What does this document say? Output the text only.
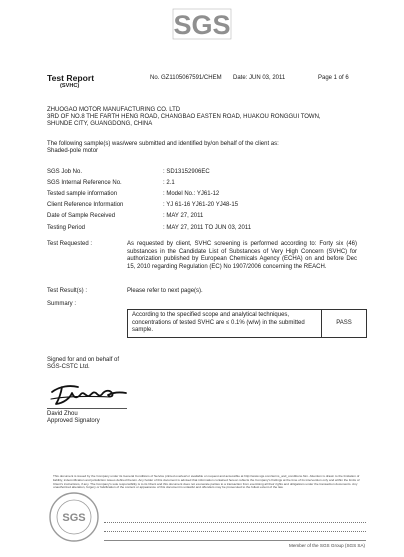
SGS
Test Report
(SVHC)
No. GZ1105067591/CHEM Date: JUN 03, 2011	Page 1 of 6
ZHUOGAO MOTOR MANUFACTURING CO. LTD
3RD OF NO.8 THE FARTH HENG ROAD, CHANGBAO EASTEN ROAD, HUAKOU RONGGUI TOWN,
SHUNDE CITY, GUANGDONG, CHINA
The following sample(s) was/were submitted and identified by/on behalf of the client as:
Shaded-pole motor
SGS Job No.	: SD13152906EC
SGS Internal Reference No.	: 2.1
Tested sample information	: Model No.: YJ61-12
Client Reference Information	: YJ 61-16 YJ61-20 YJ48-15
Date of Sample Received	: MAY 27, 2011
Testing Period	: MAY 27, 2011 TO JUN 03, 2011
Test Requested :	As requested by client, SVHC screening is performed according to: Forty six (46) substances in the Candidate List of Substances of Very High Concern (SVHC) for authorization published by European Chemicals Agency (ECHA) on and before Dec 15, 2010 regarding Regulation (EC) No 1907/2006 concerning the REACH.
Test Result(s) :	Please refer to next page(s).
Summary :
According to the specified scope and analytical techniques, concentrations of tested SVHC are ≤ 0.1% (w/w) in the submitted sample.
PASS
Signed for and on behalf of
SGS-CSTC Ltd.
David Zhou
Approved Signatory
This document is issued by the Company under its General Conditions of Service printed overleaf or available on request and accessible at http://www.sgs.com/terms_and_conditions.htm. Attention is drawn to the limitation of liability, indemnification and jurisdiction issues defined therein. Any holder of this document is advised that information contained hereon reflects the Company's findings at the time of its intervention only and within the limits of Client's instructions, if any. The Company's sole responsibility is to its Client and this document does not exonerate parties to a transaction from exercising all their rights and obligations under the transaction documents. Any unauthorized alteration, forgery or falsification of the content or appearance of this document is unlawful and offenders may be prosecuted to the fullest extent of the law.
SGS
Member of the SGS Group (SGS SA)
